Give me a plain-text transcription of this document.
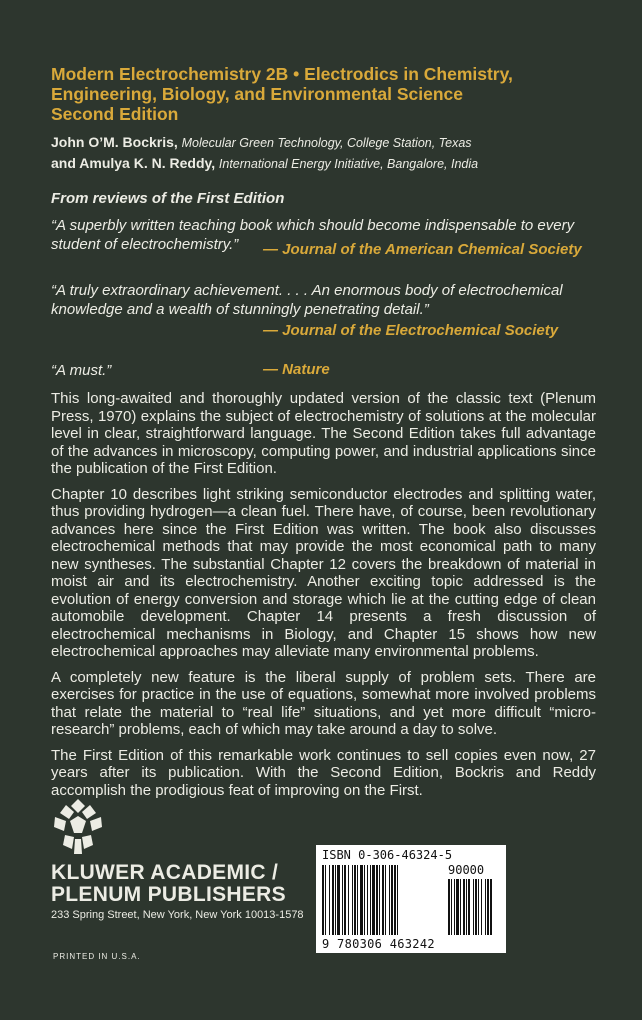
Modern Electrochemistry 2B • Electrodics in Chemistry,
Engineering, Biology, and Environmental Science
Second Edition
John O’M. Bockris, Molecular Green Technology, College Station, Texas
and Amulya K. N. Reddy, International Energy Initiative, Bangalore, India
From reviews of the First Edition
“A superbly written teaching book which should become indispensable to every student of electrochemistry.”	— Journal of the American Chemical Society
“A truly extraordinary achievement. . . . An enormous body of electrochemical knowledge and a wealth of stunningly penetrating detail.”
— Journal of the Electrochemical Society
“A must.”	— Nature

This long-awaited and thoroughly updated version of the classic text (Plenum Press, 1970) explains the subject of electrochemistry of solutions at the molecular level in clear, straightforward language. The Second Edition takes full advantage of the advances in microscopy, computing power, and industrial applications since the publication of the First Edition.

Chapter 10 describes light striking semiconductor electrodes and splitting water, thus providing hydrogen—a clean fuel. There have, of course, been revolutionary advances here since the First Edition was written. The book also discusses electrochemical methods that may provide the most economical path to many new syntheses. The substantial Chapter 12 covers the breakdown of material in moist air and its electrochemistry. Another exciting topic addressed is the evolution of energy conversion and storage which lie at the cutting edge of clean automobile development. Chapter 14 presents a fresh discussion of electrochemical mechanisms in Biology, and Chapter 15 shows how new electrochemical approaches may alleviate many environmental problems.

A completely new feature is the liberal supply of problem sets. There are exercises for practice in the use of equations, somewhat more involved problems that relate the material to “real life” situations, and yet more difficult “micro-research” problems, each of which may take around a day to solve.

The First Edition of this remarkable work continues to sell copies even now, 27 years after its publication. With the Second Edition, Bockris and Reddy accomplish the prodigious feat of improving on the First.

KLUWER ACADEMIC /
PLENUM PUBLISHERS
233 Spring Street, New York, New York 10013-1578
PRINTED IN U.S.A.
ISBN 0-306-46324-5
90000
9 780306 463242
